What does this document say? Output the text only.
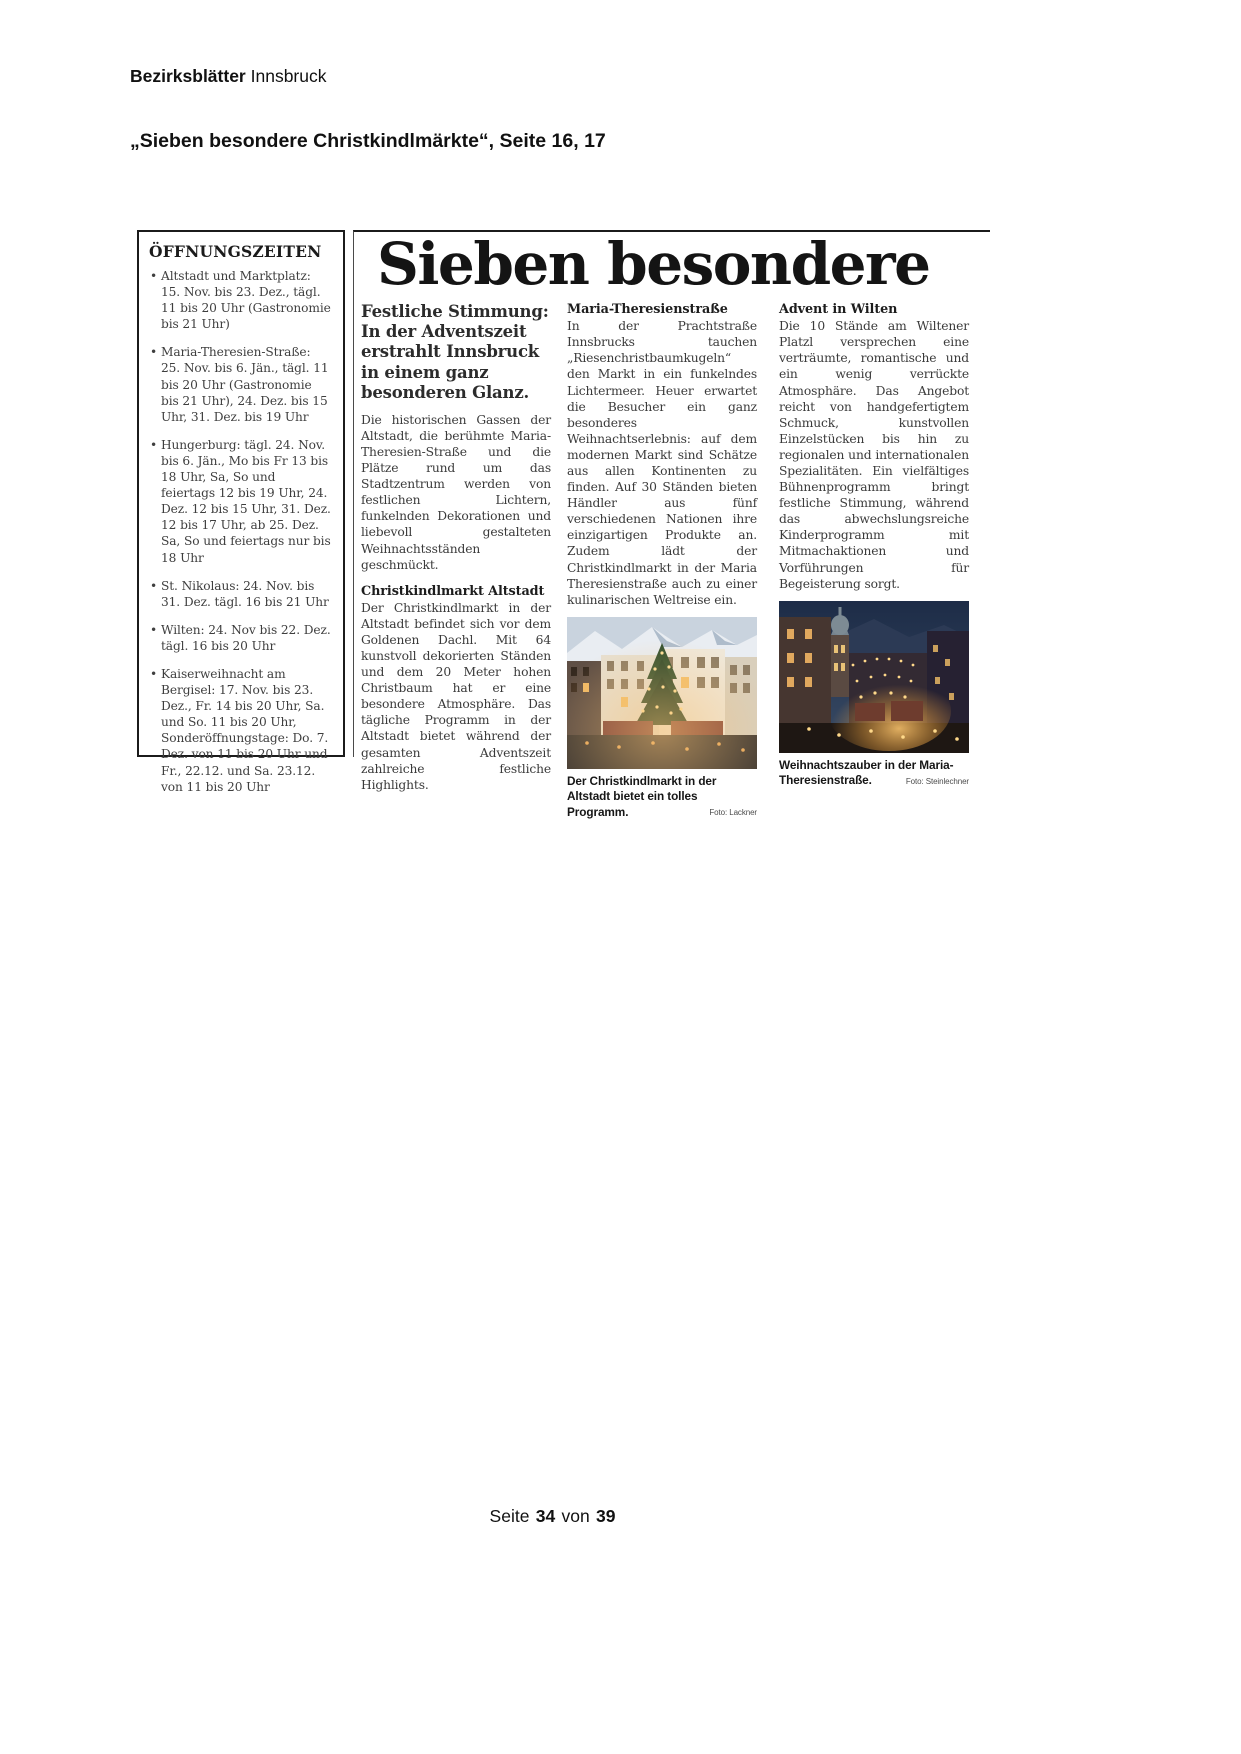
Bezirksblätter Innsbruck
„Sieben besondere Christkindlmärkte“, Seite 16, 17
ÖFFNUNGSZEITEN
• Altstadt und Marktplatz: 15. Nov. bis 23. Dez., tägl. 11 bis 20 Uhr (Gastronomie bis 21 Uhr)
• Maria-Theresien-Straße: 25. Nov. bis 6. Jän., tägl. 11 bis 20 Uhr (Gastronomie bis 21 Uhr), 24. Dez. bis 15 Uhr, 31. Dez. bis 19 Uhr
• Hungerburg: tägl. 24. Nov. bis 6. Jän., Mo bis Fr 13 bis 18 Uhr, Sa, So und feiertags 12 bis 19 Uhr, 24. Dez. 12 bis 15 Uhr, 31. Dez. 12 bis 17 Uhr, ab 25. Dez. Sa, So und feiertags nur bis 18 Uhr
• St. Nikolaus: 24. Nov. bis 31. Dez. tägl. 16 bis 21 Uhr
• Wilten: 24. Nov bis 22. Dez. tägl. 16 bis 20 Uhr
• Kaiserweihnacht am Bergisel: 17. Nov. bis 23. Dez., Fr. 14 bis 20 Uhr, Sa. und So. 11 bis 20 Uhr, Sonderöffnungstage: Do. 7. Dez. von 11 bis 20 Uhr und Fr., 22.12. und Sa. 23.12. von 11 bis 20 Uhr
Sieben besondere
Festliche Stimmung: In der Adventszeit erstrahlt Innsbruck in einem ganz besonderen Glanz.
Die historischen Gassen der Altstadt, die berühmte Maria-Theresien-Straße und die Plätze rund um das Stadtzentrum werden von festlichen Lichtern, funkelnden Dekorationen und liebevoll gestalteten Weihnachtsständen geschmückt.
Christkindlmarkt Altstadt
Der Christkindlmarkt in der Altstadt befindet sich vor dem Goldenen Dachl. Mit 64 kunstvoll dekorierten Ständen und dem 20 Meter hohen Christbaum hat er eine besondere Atmosphäre. Das tägliche Programm in der Altstadt bietet während der gesamten Adventszeit zahlreiche festliche Highlights.
Maria-Theresienstraße
In der Prachtstraße Innsbrucks tauchen „Riesenchristbaumkugeln“ den Markt in ein funkelndes Lichtermeer. Heuer erwartet die Besucher ein ganz besonderes Weihnachtserlebnis: auf dem modernen Markt sind Schätze aus allen Kontinenten zu finden. Auf 30 Ständen bieten Händler aus fünf verschiedenen Nationen ihre einzigartigen Produkte an. Zudem lädt der Christkindlmarkt in der Maria Theresienstraße auch zu einer kulinarischen Weltreise ein.
Der Christkindlmarkt in der Altstadt bietet ein tolles Programm.	Foto: Lackner
Advent in Wilten
Die 10 Stände am Wiltener Platzl versprechen eine verträumte, romantische und ein wenig verrückte Atmosphäre. Das Angebot reicht von handgefertigtem Schmuck, kunstvollen Einzelstücken bis hin zu regionalen und internationalen Spezialitäten. Ein vielfältiges Bühnenprogramm bringt festliche Stimmung, während das abwechslungsreiche Kinderprogramm mit Mitmachaktionen und Vorführungen für Begeisterung sorgt.
Weihnachtszauber in der Maria-Theresienstraße.	Foto: Steinlechner
Seite 34 von 39
